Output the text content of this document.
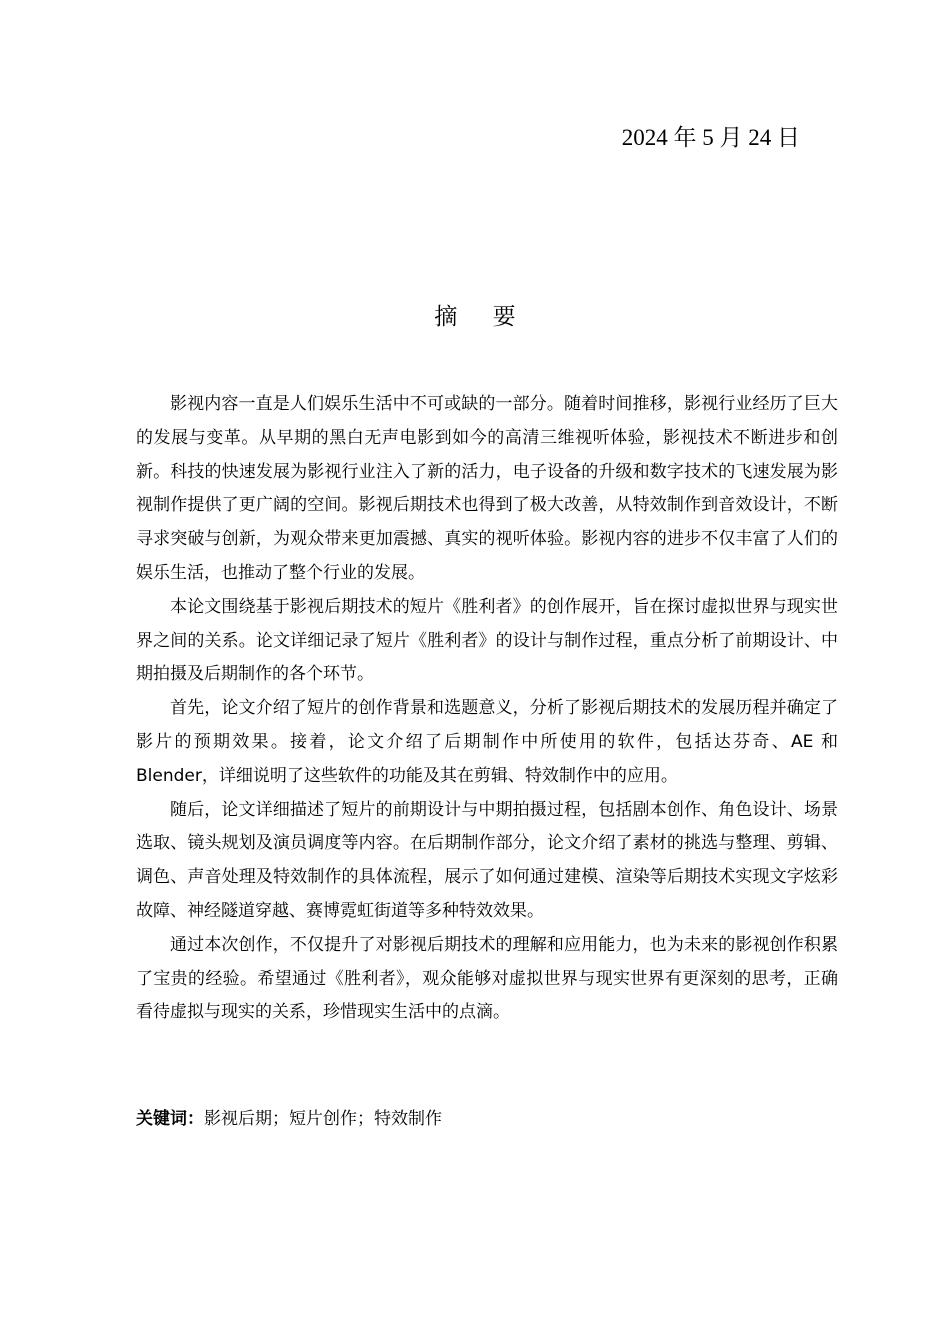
2024 年 5 月 24 日
摘 要

影视内容一直是人们娱乐生活中不可或缺的一部分。随着时间推移，影视行业经历了巨大的发展与变革。从早期的黑白无声电影到如今的高清三维视听体验，影视技术不断进步和创新。科技的快速发展为影视行业注入了新的活力，电子设备的升级和数字技术的飞速发展为影视制作提供了更广阔的空间。影视后期技术也得到了极大改善，从特效制作到音效设计，不断寻求突破与创新，为观众带来更加震撼、真实的视听体验。影视内容的进步不仅丰富了人们的娱乐生活，也推动了整个行业的发展。

本论文围绕基于影视后期技术的短片《胜利者》的创作展开，旨在探讨虚拟世界与现实世界之间的关系。论文详细记录了短片《胜利者》的设计与制作过程，重点分析了前期设计、中期拍摄及后期制作的各个环节。

首先，论文介绍了短片的创作背景和选题意义，分析了影视后期技术的发展历程并确定了影片的预期效果。接着，论文介绍了后期制作中所使用的软件，包括达芬奇、AE 和 Blender，详细说明了这些软件的功能及其在剪辑、特效制作中的应用。

随后，论文详细描述了短片的前期设计与中期拍摄过程，包括剧本创作、角色设计、场景选取、镜头规划及演员调度等内容。在后期制作部分，论文介绍了素材的挑选与整理、剪辑、调色、声音处理及特效制作的具体流程，展示了如何通过建模、渲染等后期技术实现文字炫彩故障、神经隧道穿越、赛博霓虹街道等多种特效效果。

通过本次创作，不仅提升了对影视后期技术的理解和应用能力，也为未来的影视创作积累了宝贵的经验。希望通过《胜利者》，观众能够对虚拟世界与现实世界有更深刻的思考，正确看待虚拟与现实的关系，珍惜现实生活中的点滴。

关键词：影视后期；短片创作；特效制作
